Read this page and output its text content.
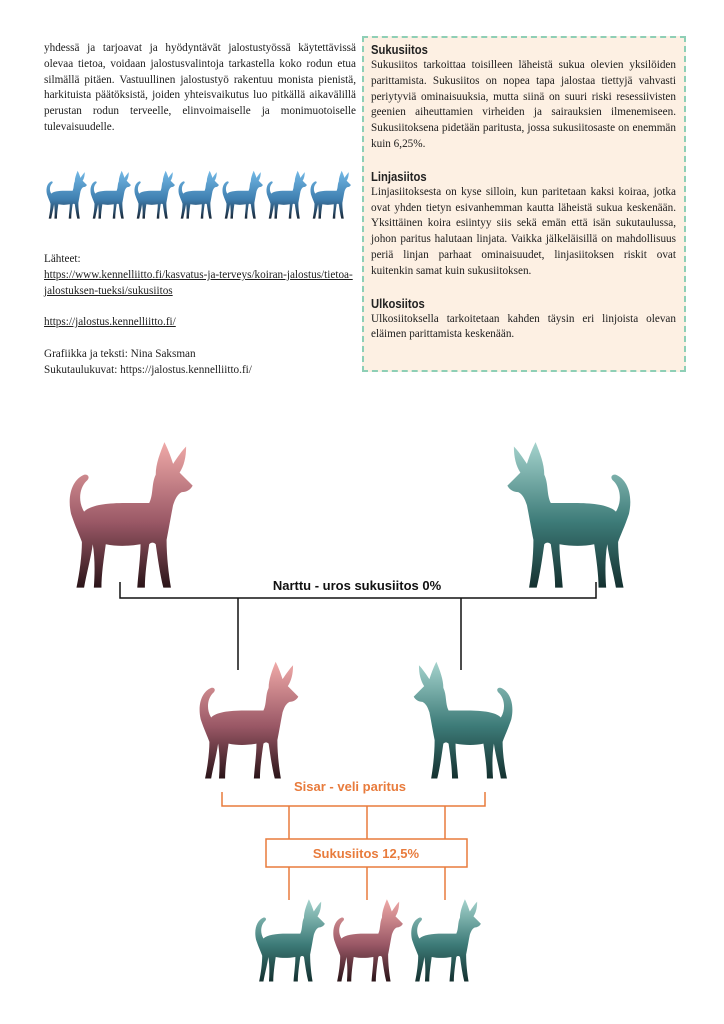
yhdessä ja tarjoavat ja hyödyntävät jalostustyössä käytettävissä olevaa tietoa, voidaan jalostusvalintoja tarkastella koko rodun etua silmällä pitäen. Vastuullinen jalostustyö rakentuu monista pienistä, harkituista päätöksistä, joiden yhteisvaikutus luo pitkällä aikavälillä perustan rodun terveelle, elinvoimaiselle ja monimuotoiselle tulevaisuudelle.

Lähteet:

https://www.kennelliitto.fi/kasvatus-ja-terveys/koiran-jalostus/tietoa-jalostuksen-tueksi/sukusiitos

https://jalostus.kennelliitto.fi/

Grafiikka ja teksti: Nina Saksman

Sukutaulukuvat: https://jalostus.kennelliitto.fi/

Sukusiitos

Sukusiitos tarkoittaa toisilleen läheistä sukua olevien yksilöiden parittamista. Sukusiitos on nopea tapa jalostaa tiettyjä vahvasti periytyviä ominaisuuksia, mutta siinä on suuri riski resessiivisten geenien aiheuttamien virheiden ja sairauksien ilmenemiseen. Sukusiitoksena pidetään paritusta, jossa sukusiitosaste on enemmän kuin 6,25%.

Linjasiitos

Linjasiitoksesta on kyse silloin, kun paritetaan kaksi koiraa, jotka ovat yhden tietyn esivanhemman kautta läheistä sukua keskenään. Yksittäinen koira esiintyy siis sekä emän että isän sukutaulussa, johon paritus halutaan linjata. Vaikka jälkeläisillä on mahdollisuus periä linjan parhaat ominaisuudet, linjasiitoksen riskit ovat kuitenkin samat kuin sukusiitoksen.

Ulkosiitos

Ulkosiitoksella tarkoitetaan kahden täysin eri linjoista olevan eläimen parittamista keskenään.

Narttu - uros sukusiitos 0%
Sisar - veli paritus
Sukusiitos 12,5%
